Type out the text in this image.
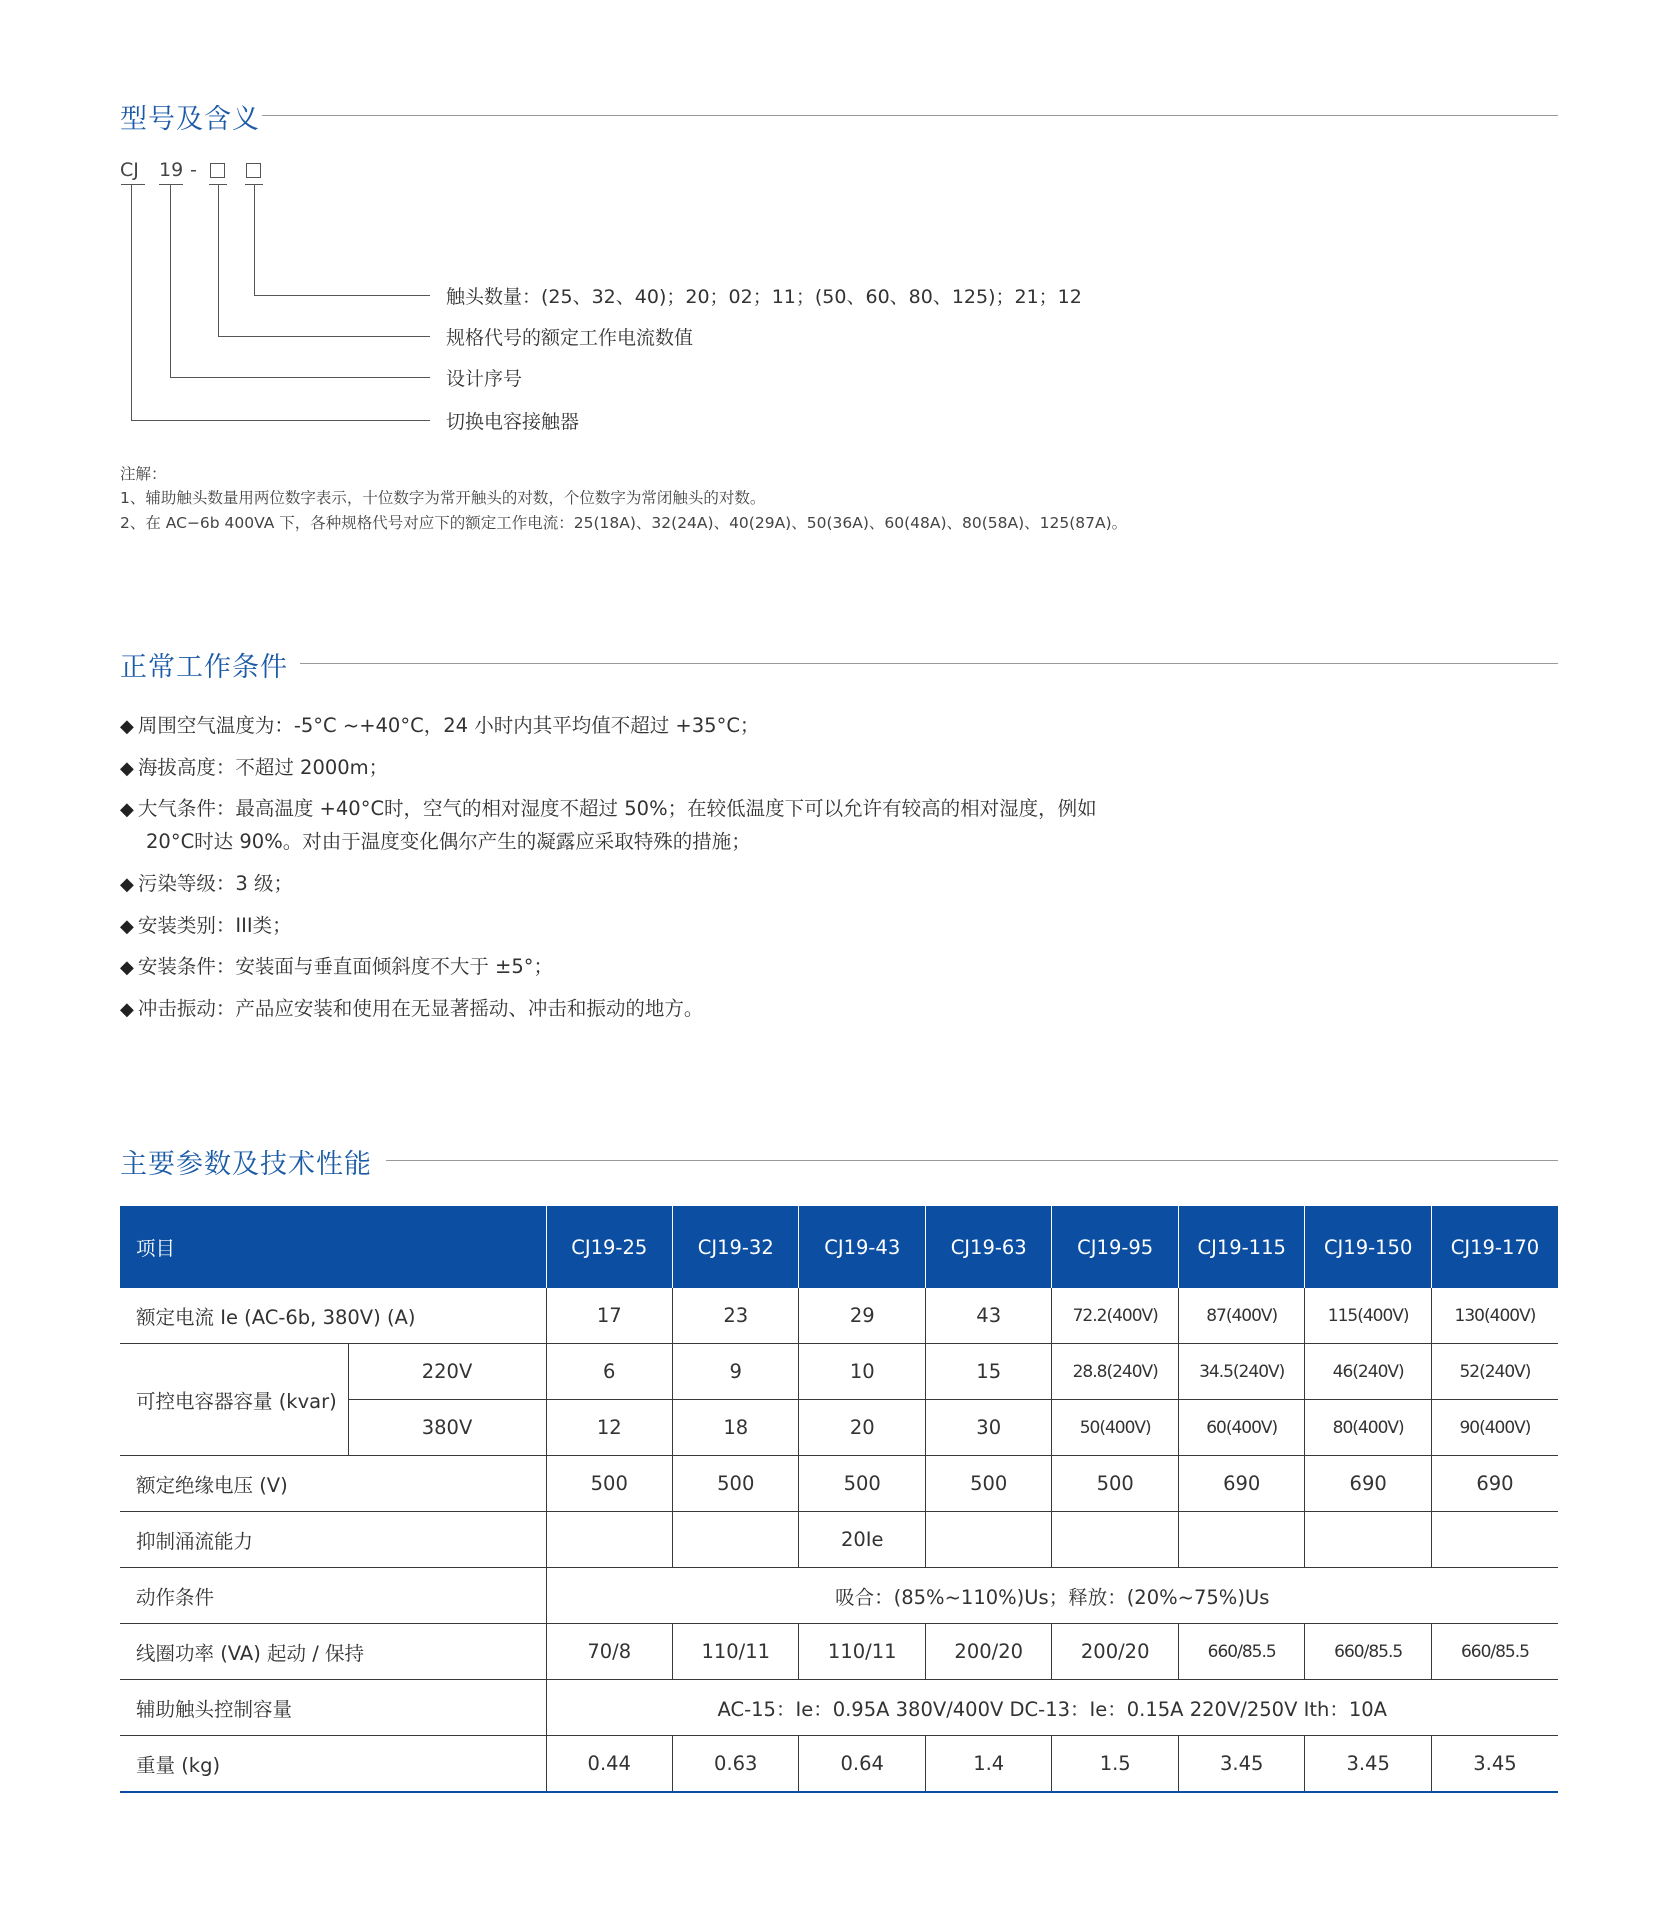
型号及含义
CJ 19 -
触头数量：(25、32、40)；20；02；11；(50、60、80、125)；21；12
规格代号的额定工作电流数值
设计序号
切换电容接触器
注解：
1、辅助触头数量用两位数字表示，十位数字为常开触头的对数，个位数字为常闭触头的对数。
2、在 AC−6b 400VA 下，各种规格代号对应下的额定工作电流：25(18A)、32(24A)、40(29A)、50(36A)、60(48A)、80(58A)、125(87A)。
正常工作条件
◆ 周围空气温度为：-5°C ~+40°C，24 小时内其平均值不超过 +35°C；
◆ 海拔高度：不超过 2000m；
◆ 大气条件：最高温度 +40°C时，空气的相对湿度不超过 50%；在较低温度下可以允许有较高的相对湿度，例如
20°C时达 90%。对由于温度变化偶尔产生的凝露应采取特殊的措施；
◆ 污染等级：3 级；
◆ 安装类别：III类；
◆ 安装条件：安装面与垂直面倾斜度不大于 ±5°；
◆ 冲击振动：产品应安装和使用在无显著摇动、冲击和振动的地方。
主要参数及技术性能
项目		CJ19-25	CJ19-32	CJ19-43	CJ19-63	CJ19-95	CJ19-115	CJ19-150	CJ19-170
额定电流 Ie (AC-6b, 380V) (A)		17	23	29	43	72.2(400V)	87(400V)	115(400V)	130(400V)
可控电容器容量 (kvar)	220V	6	9	10	15	28.8(240V)	34.5(240V)	46(240V)	52(240V)
	380V	12	18	20	30	50(400V)	60(400V)	80(400V)	90(400V)
额定绝缘电压 (V)		500	500	500	500	500	690	690	690
抑制涌流能力				20Ie					
动作条件		吸合：(85%~110%)Us；释放：(20%~75%)Us							
线圈功率 (VA) 起动 / 保持		70/8	110/11	110/11	200/20	200/20	660/85.5	660/85.5	660/85.5
辅助触头控制容量		AC-15：Ie：0.95A 380V/400V DC-13：Ie：0.15A 220V/250V Ith：10A							
重量 (kg)		0.44	0.63	0.64	1.4	1.5	3.45	3.45	3.45
